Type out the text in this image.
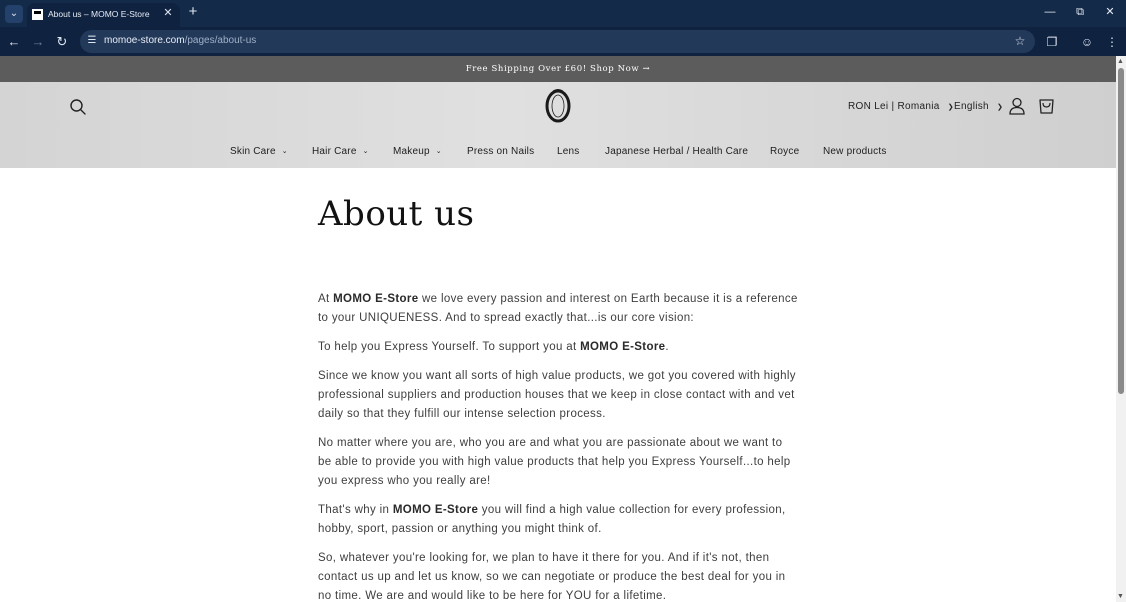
⌄	About us – MOMO E-Store ✕ +	—	⧉	✕
← → ↻ ☰ momoe-store.com/pages/about-us	☆ ❐ ☺ ⋮
Free Shipping Over £60! Shop Now →
RON Lei | Romania ❯ English ❯
Skin Care ⌄ Hair Care ⌄ Makeup ⌄	Press on Nails Lens	Japanese Herbal / Health Care Royce New products
About us

At MOMO E-Store we love every passion and interest on Earth because it is a reference to your UNIQUENESS. And to spread exactly that...is our core vision:

To help you Express Yourself. To support you at MOMO E-Store.

Since we know you want all sorts of high value products, we got you covered with highly professional suppliers and production houses that we keep in close contact with and vet daily so that they fulfill our intense selection process.

No matter where you are, who you are and what you are passionate about we want to be able to provide you with high value products that help you Express Yourself...to help you express who you really are!

That's why in MOMO E-Store you will find a high value collection for every profession, hobby, sport, passion or anything you might think of.

So, whatever you're looking for, we plan to have it there for you. And if it's not, then contact us up and let us know, so we can negotiate or produce the best deal for you in no time. We are and would like to be here for YOU for a lifetime.

▲
▼
